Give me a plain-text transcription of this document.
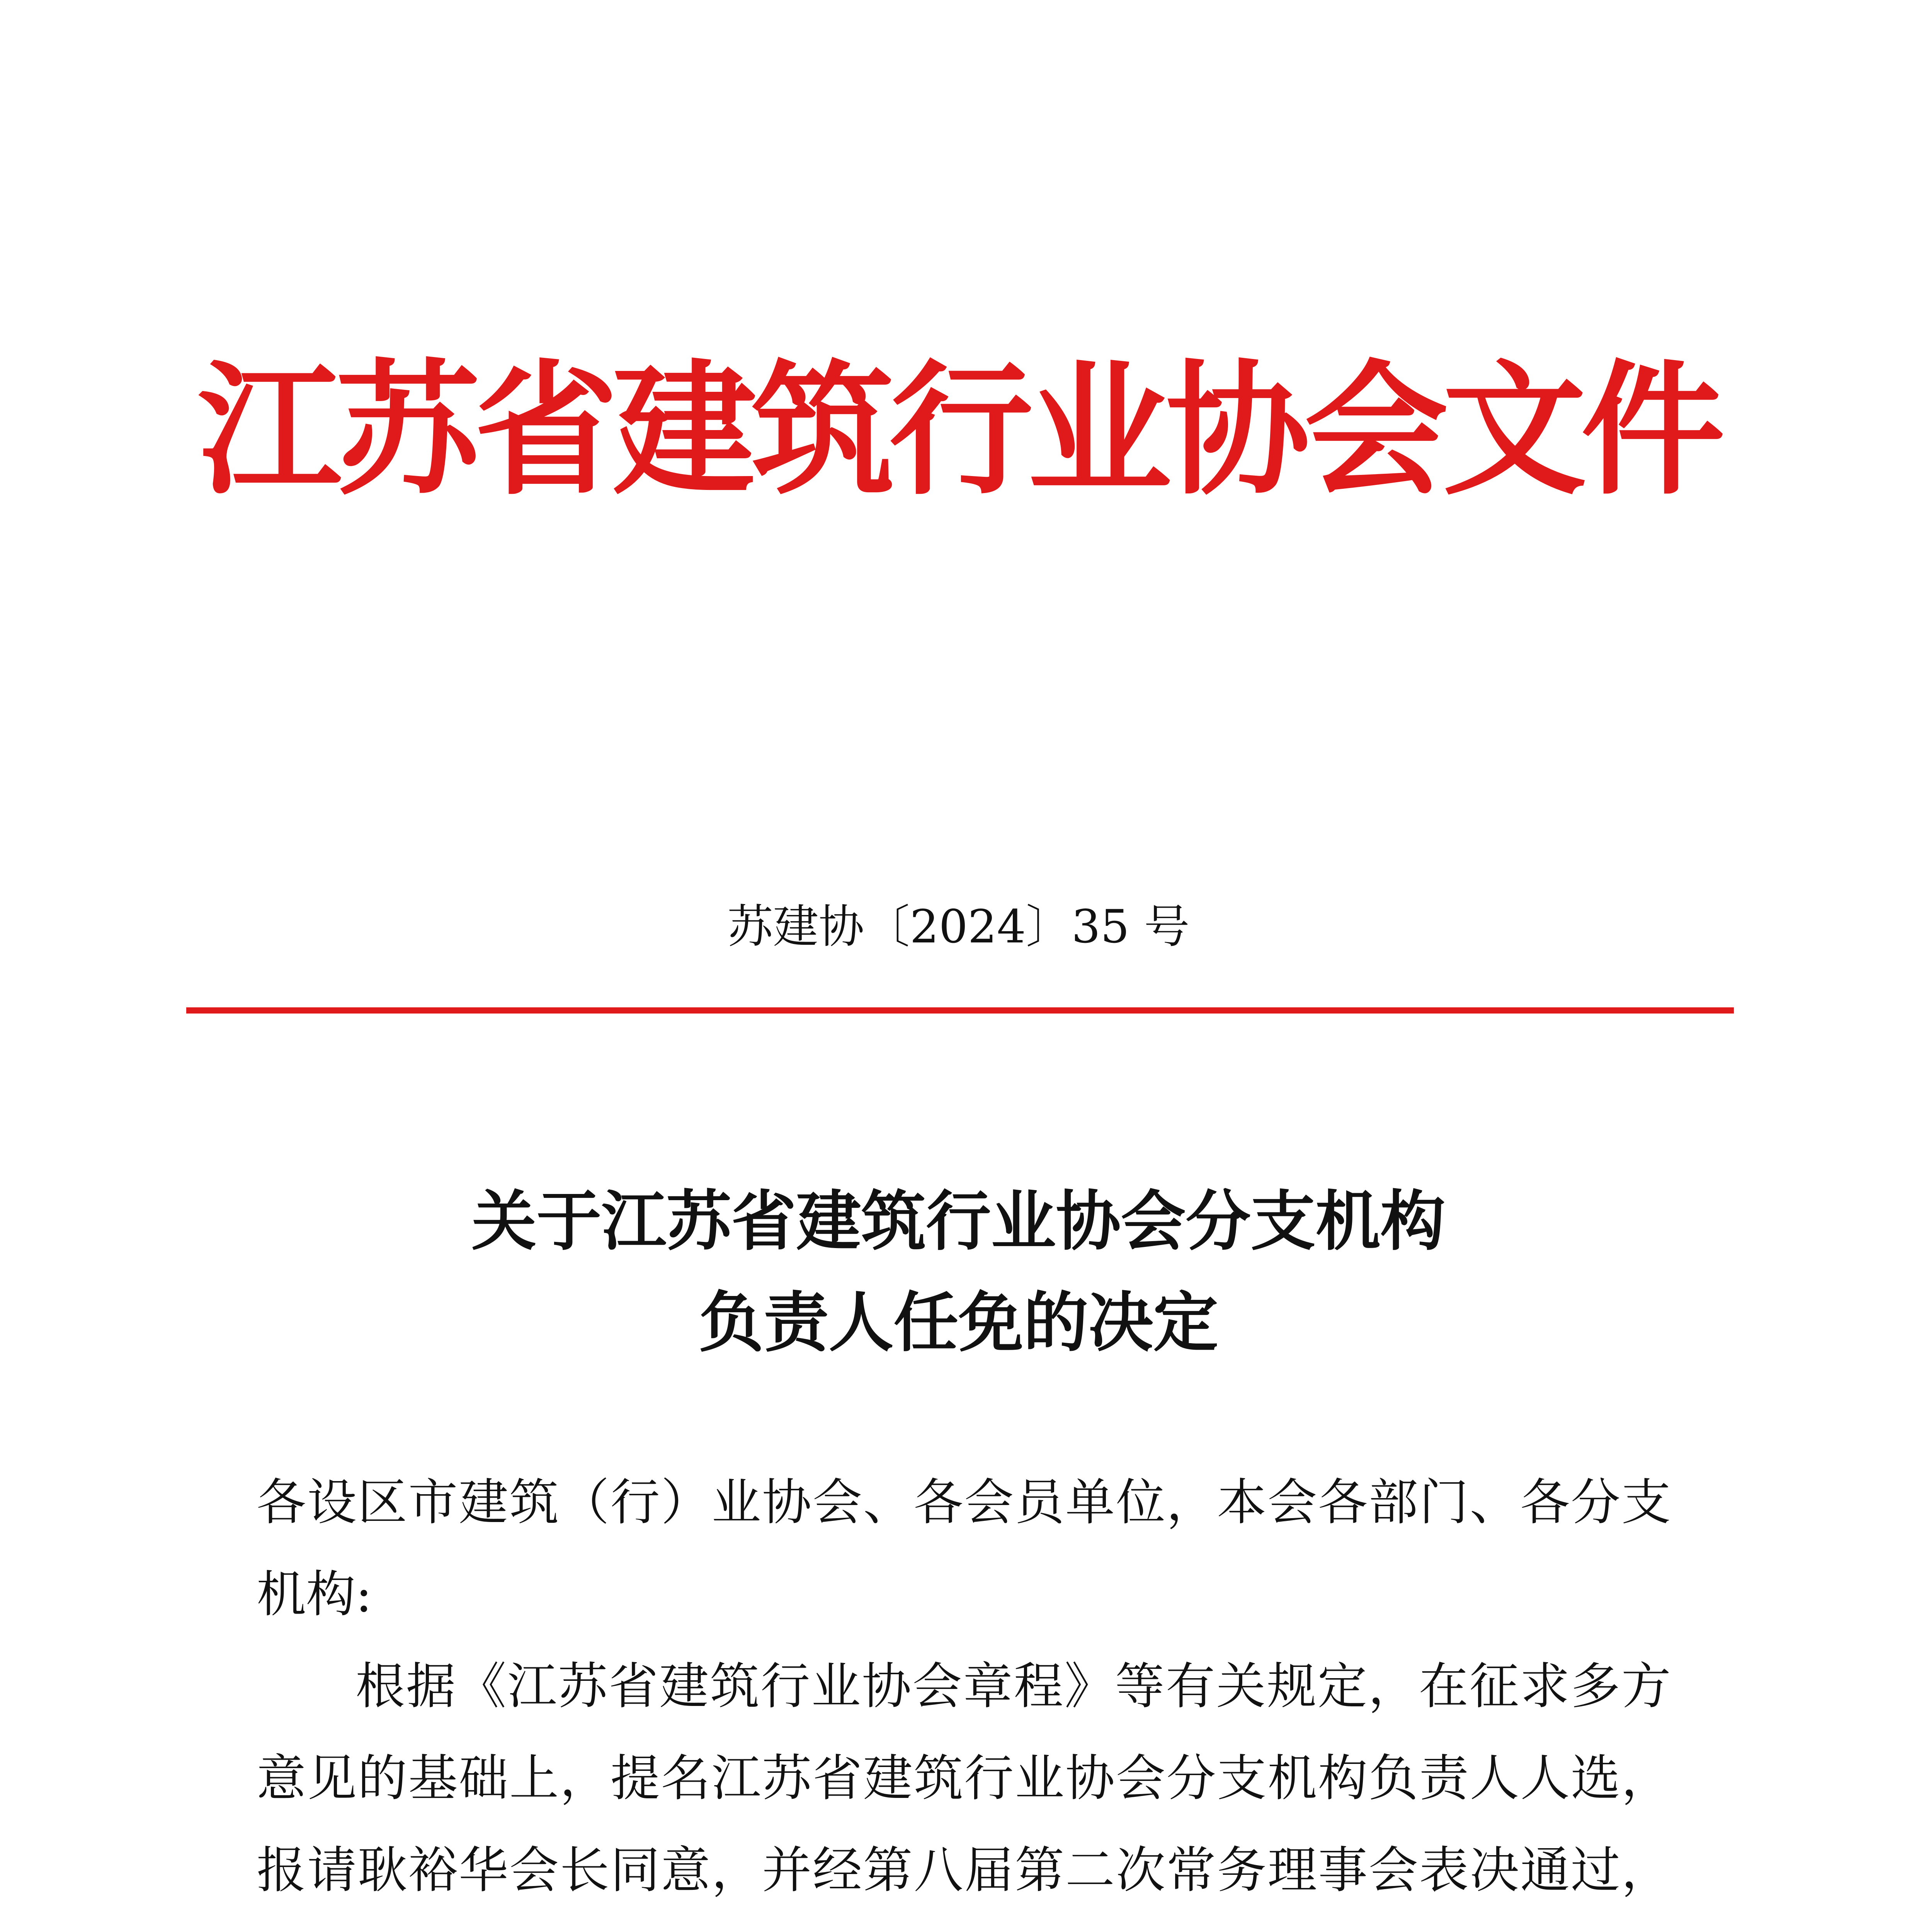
江苏省建筑行业协会文件
苏建协〔2024〕35 号
关于江苏省建筑行业协会分支机构
负责人任免的决定

各设区市建筑（行）业协会、各会员单位，本会各部门、各分支机构:

根据《江苏省建筑行业协会章程》等有关规定，在征求多方意见的基础上，提名江苏省建筑行业协会分支机构负责人人选，报请耿裕华会长同意，并经第八届第二次常务理事会表决通过，
